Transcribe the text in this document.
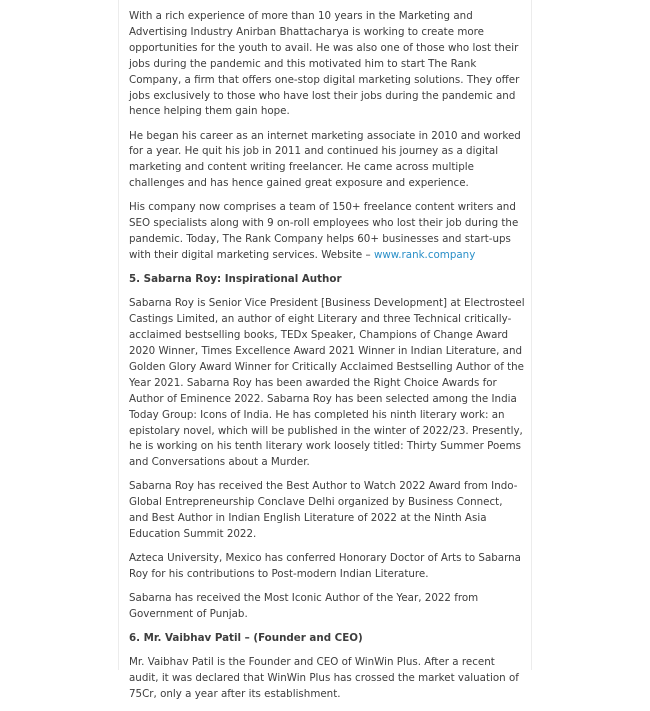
With a rich experience of more than 10 years in the Marketing and Advertising Industry Anirban Bhattacharya is working to create more opportunities for the youth to avail. He was also one of those who lost their jobs during the pandemic and this motivated him to start The Rank Company, a firm that offers one-stop digital marketing solutions. They offer jobs exclusively to those who have lost their jobs during the pandemic and hence helping them gain hope.

He began his career as an internet marketing associate in 2010 and worked for a year. He quit his job in 2011 and continued his journey as a digital marketing and content writing freelancer. He came across multiple challenges and has hence gained great exposure and experience.

His company now comprises a team of 150+ freelance content writers and SEO specialists along with 9 on-roll employees who lost their job during the pandemic. Today, The Rank Company helps 60+ businesses and start-ups with their digital marketing services. Website – www.rank.company

5. Sabarna Roy: Inspirational Author

Sabarna Roy is Senior Vice President [Business Development] at Electrosteel Castings Limited, an author of eight Literary and three Technical critically-acclaimed bestselling books, TEDx Speaker, Champions of Change Award 2020 Winner, Times Excellence Award 2021 Winner in Indian Literature, and Golden Glory Award Winner for Critically Acclaimed Bestselling Author of the Year 2021. Sabarna Roy has been awarded the Right Choice Awards for Author of Eminence 2022. Sabarna Roy has been selected among the India Today Group: Icons of India. He has completed his ninth literary work: an epistolary novel, which will be published in the winter of 2022/23. Presently, he is working on his tenth literary work loosely titled: Thirty Summer Poems and Conversations about a Murder.

Sabarna Roy has received the Best Author to Watch 2022 Award from Indo-Global Entrepreneurship Conclave Delhi organized by Business Connect, and Best Author in Indian English Literature of 2022 at the Ninth Asia Education Summit 2022.

Azteca University, Mexico has conferred Honorary Doctor of Arts to Sabarna Roy for his contributions to Post-modern Indian Literature.

Sabarna has received the Most Iconic Author of the Year, 2022 from Government of Punjab.

6. Mr. Vaibhav Patil – (Founder and CEO)

Mr. Vaibhav Patil is the Founder and CEO of WinWin Plus. After a recent audit, it was declared that WinWin Plus has crossed the market valuation of 75Cr, only a year after its establishment.
